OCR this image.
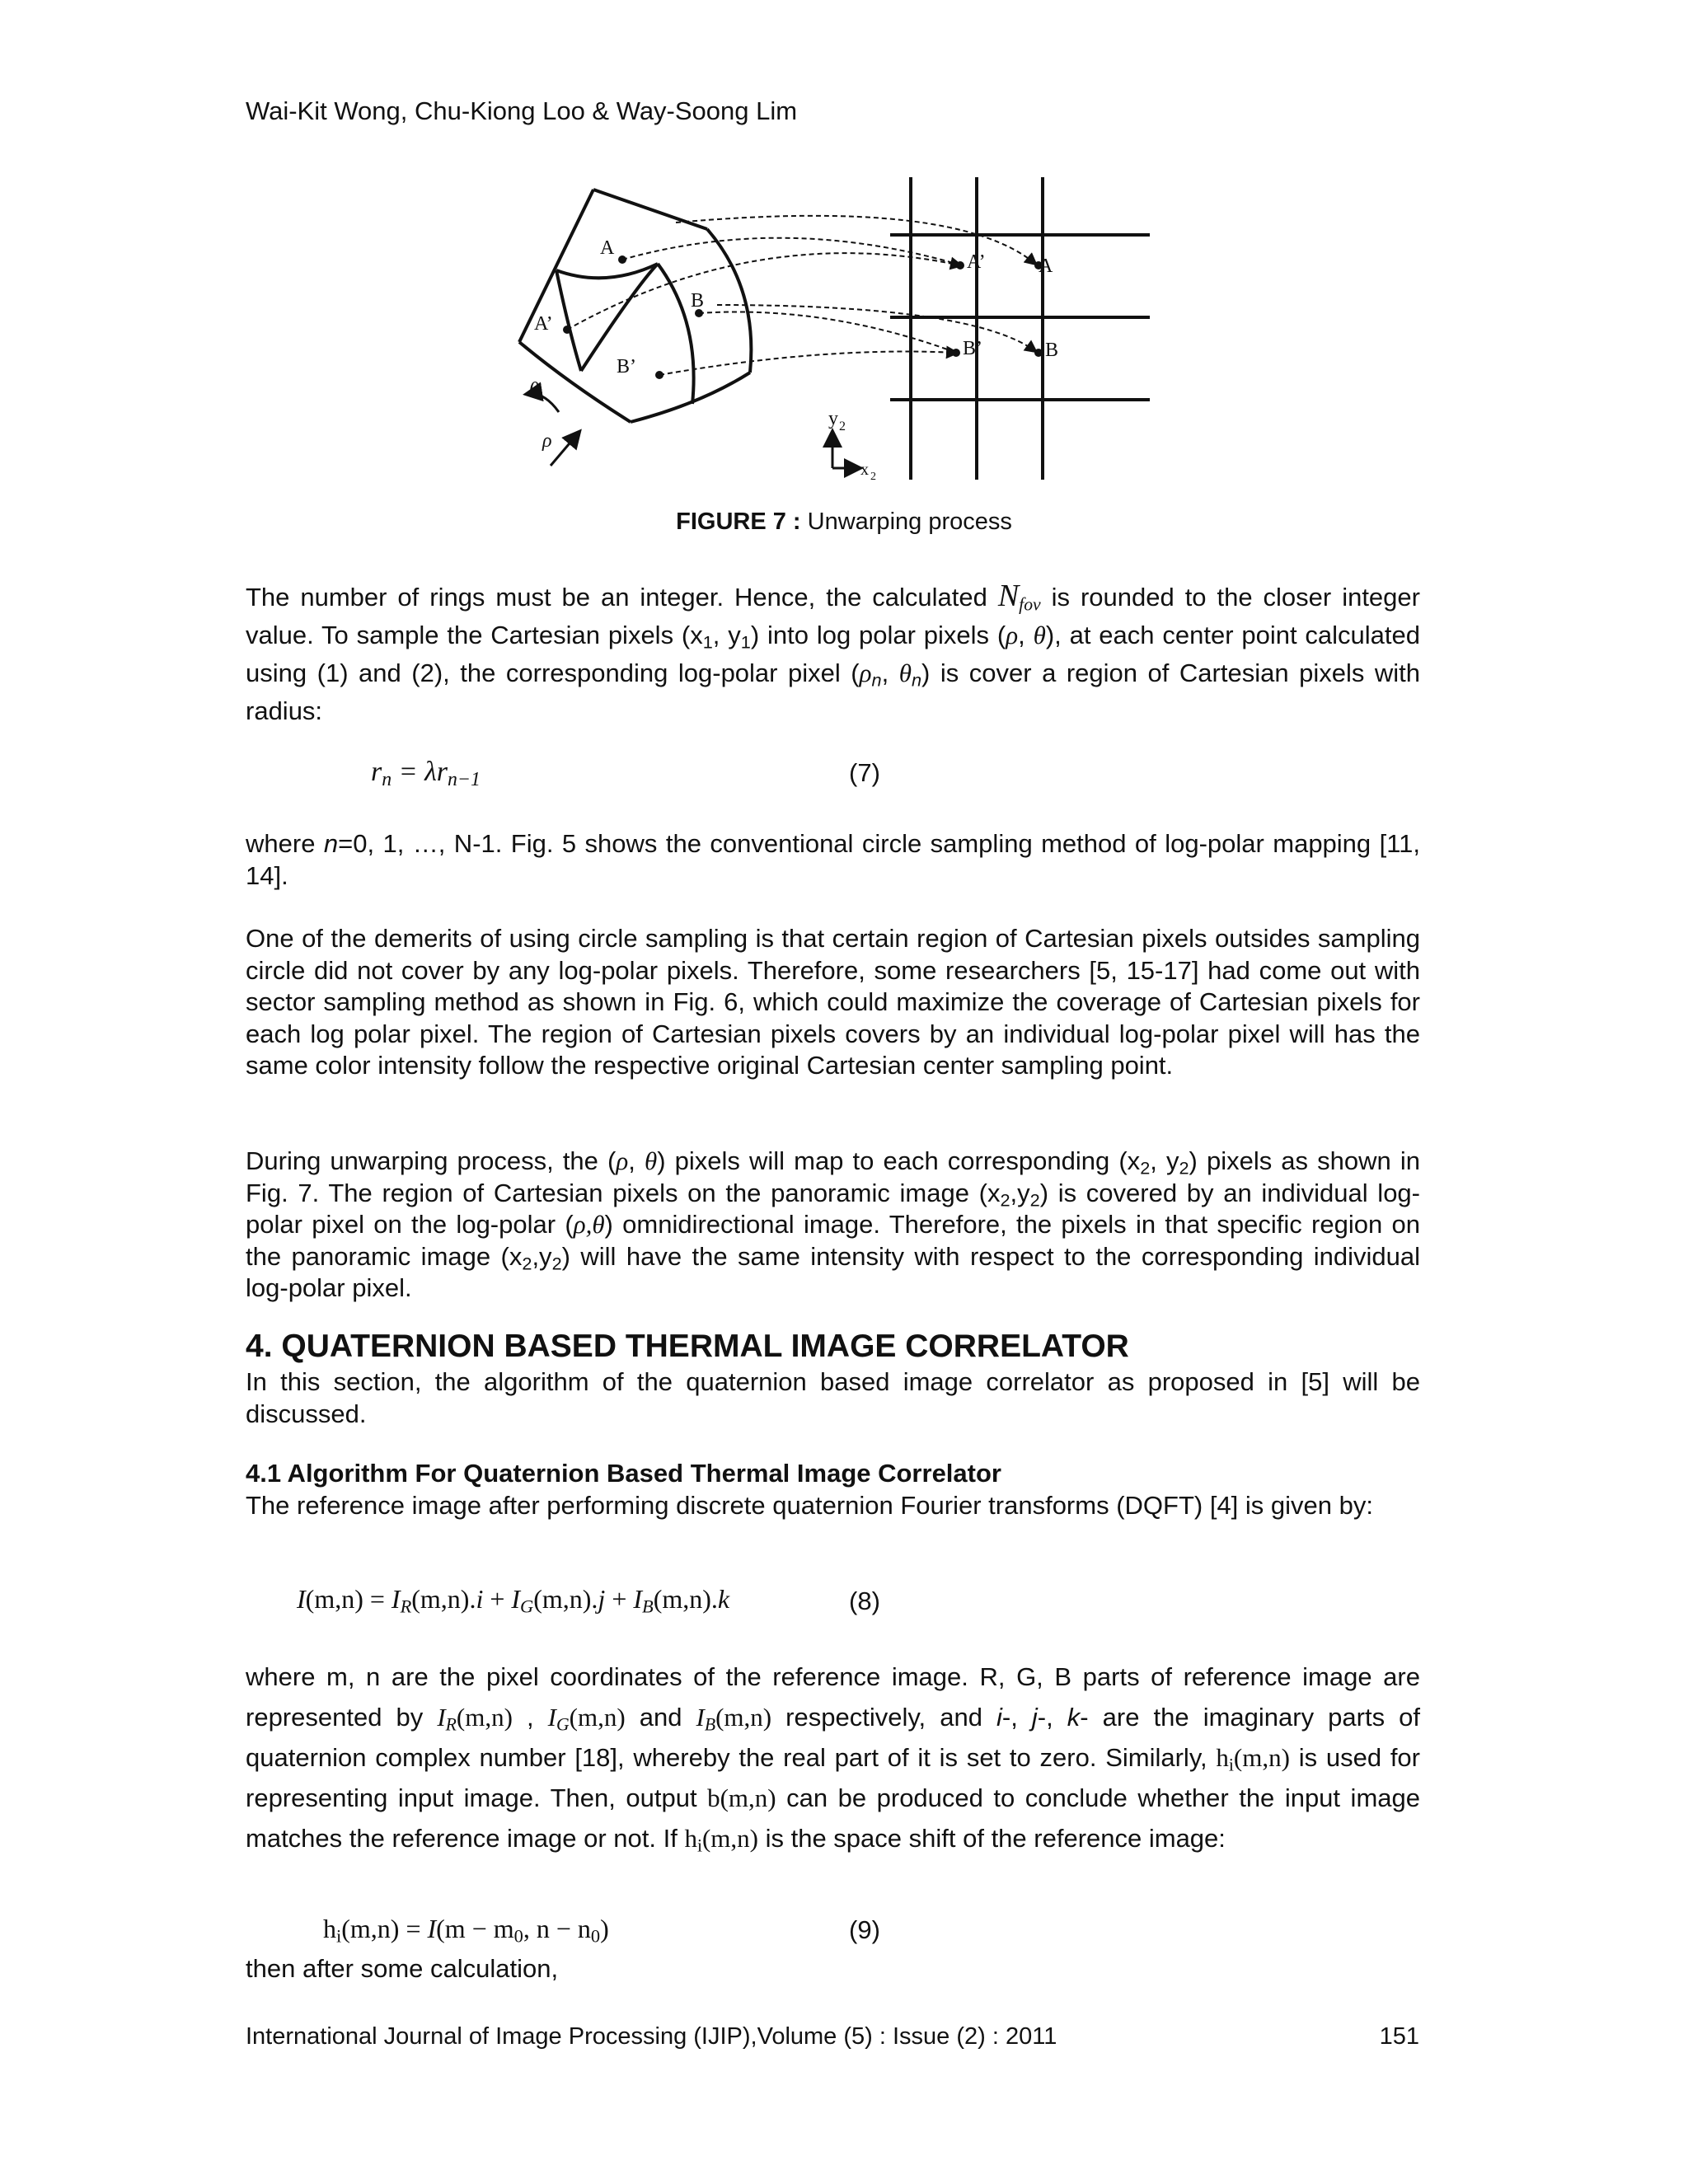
Wai-Kit Wong, Chu-Kiong Loo & Way-Soong Lim
A
A’
B
B’
A’	A
B’	B
θ
ρ
y 2
x 2
FIGURE 7 : Unwarping process
The number of rings must be an integer. Hence, the calculated $N_{fov}$ is rounded to the closer integer value. To sample the Cartesian pixels ($x_1$, $y_1$) into log polar pixels (ρ, θ), at each center point calculated using (1) and (2), the corresponding log-polar pixel ($\rho_n$, $\theta_n$) is cover a region of Cartesian pixels with radius:
$r_n = \lambda r_{n-1}$	(7)
where n=0, 1, …, N-1. Fig. 5 shows the conventional circle sampling method of log-polar mapping [11, 14].
One of the demerits of using circle sampling is that certain region of Cartesian pixels outsides sampling circle did not cover by any log-polar pixels. Therefore, some researchers [5, 15-17] had come out with sector sampling method as shown in Fig. 6, which could maximize the coverage of Cartesian pixels for each log polar pixel. The region of Cartesian pixels covers by an individual log-polar pixel will has the same color intensity follow the respective original Cartesian center sampling point.
During unwarping process, the (ρ, θ) pixels will map to each corresponding ($x_2$, $y_2$) pixels as shown in Fig. 7. The region of Cartesian pixels on the panoramic image $(x_2,y_2)$ is covered by an individual log-polar pixel on the log-polar (ρ,θ) omnidirectional image. Therefore, the pixels in that specific region on the panoramic image $(x_2,y_2)$ will have the same intensity with respect to the corresponding individual log-polar pixel.
4. QUATERNION BASED THERMAL IMAGE CORRELATOR
In this section, the algorithm of the quaternion based image correlator as proposed in [5] will be discussed.
4.1 Algorithm For Quaternion Based Thermal Image Correlator
The reference image after performing discrete quaternion Fourier transforms (DQFT) [4] is given by:
$I(m,n) = I_R(m,n).i + I_G(m,n).j + I_B(m,n).k$	(8)
where m, n are the pixel coordinates of the reference image. R, G, B parts of reference image are represented by $I_R(m,n)$ , $I_G(m,n)$ and $I_B(m,n)$ respectively, and i-, j-, k- are the imaginary parts of quaternion complex number [18], whereby the real part of it is set to zero. Similarly, $h_i(m,n)$ is used for representing input image. Then, output b(m,n) can be produced to conclude whether the input image matches the reference image or not. If $h_i(m,n)$ is the space shift of the reference image:
$h_i(m,n) = I(m - m_0$, $n - n_0$)	(9)
then after some calculation,
International Journal of Image Processing (IJIP),Volume (5) : Issue (2) : 2011	151
